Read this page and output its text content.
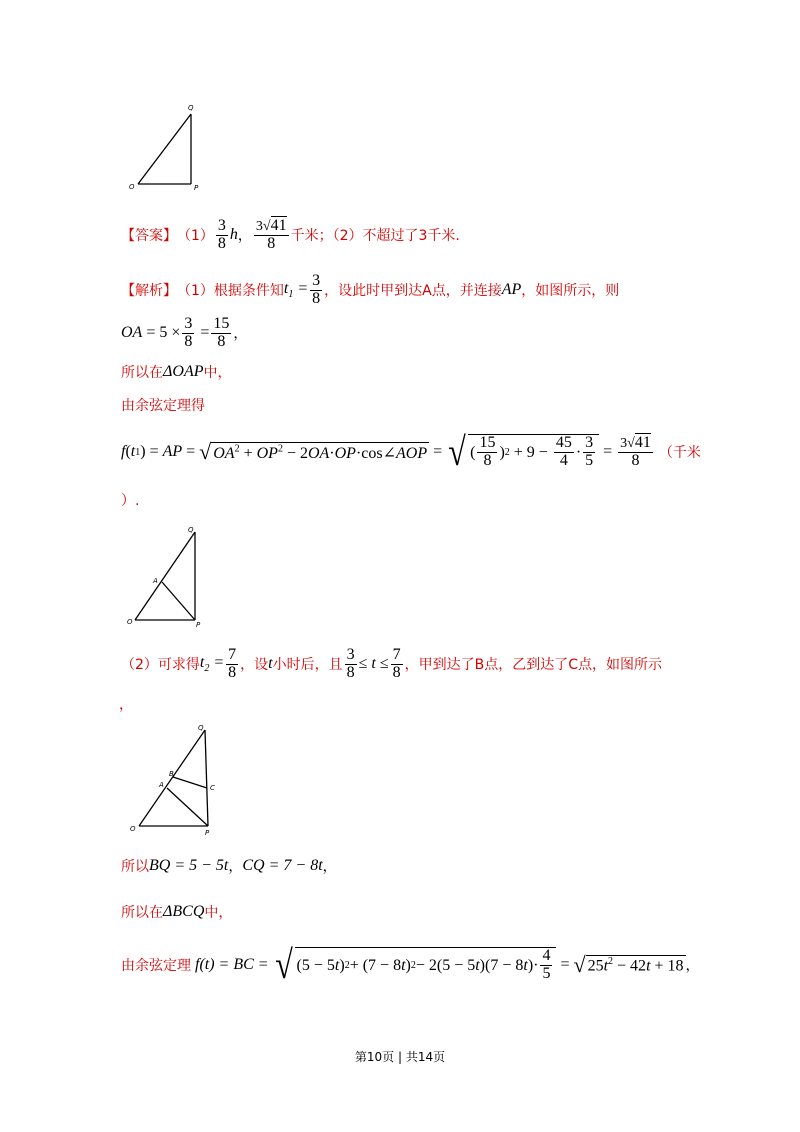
O	P
Q
【答案】 $(1) \frac{3}{8}$ h ， $\frac{3√41}{8}$ 千米；（2）不超过了3千米.
【解析】 （1）根据条件知 $t_1 = \frac{3}{8}$ ，设此时甲到达A点，并连接 AP ，如图所示，则
OA = $5 \times \frac{3}{8} = \frac{15}{8}$ ，
所以在 ΔOAP 中，
由余弦定理得
f ( t 1 ) = AP = √ $OA^2 + OP^2$ − 2OA·OP·cos∠AOP = √ ( $\frac{15}{8}$ ) $2 + 9 - \frac{45}{4} \cdot \frac{3}{5} = \frac{3√41}{8}$
（千米
）.
O	P
Q
A
（2）可求得 $t_2 = \frac{7}{8}$ ，设 t 小时后，且 $\frac{3}{8} \le t \le \frac{7}{8}$ ，甲到达了B点，乙到达了C点，如图所示
，
O	P
Q
A
B
C
所以 BQ = 5 − 5t ， CQ = 7 − 8t ，
所以在 ΔBCQ 中，
由余弦定理
f(t) = BC =
√ (5 − 5 t ) 2 + (7 − 8 t ) 2 − 2(5 − 5 t )(7 − 8 t )· $\frac{4}{5}$ = √ $25t^2 - 42t + 18$ ，
第10页 | 共14页
